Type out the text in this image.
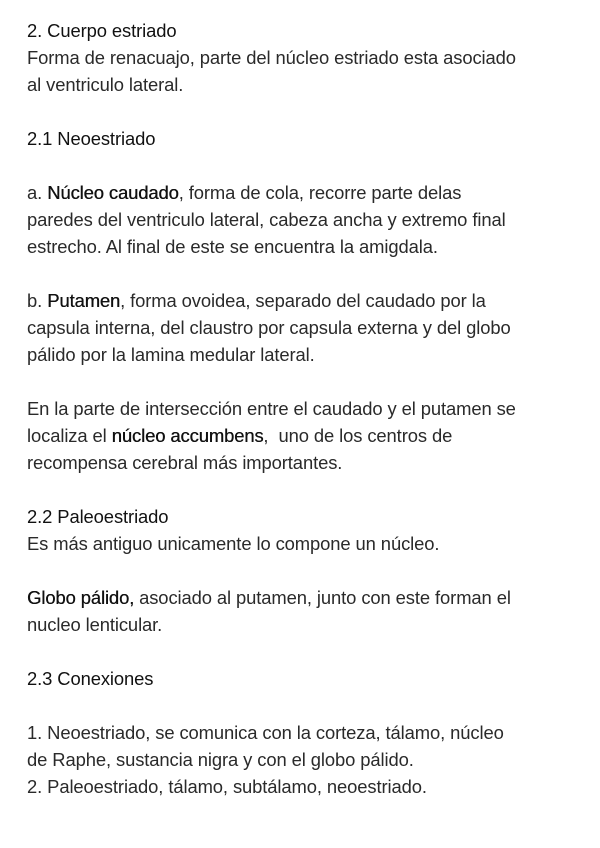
2. Cuerpo estriado
Forma de renacuajo, parte del núcleo estriado esta asociado
al ventriculo lateral.
2.1 Neoestriado
a. Núcleo caudado, forma de cola, recorre parte delas
paredes del ventriculo lateral, cabeza ancha y extremo final
estrecho. Al final de este se encuentra la amigdala.
b. Putamen, forma ovoidea, separado del caudado por la
capsula interna, del claustro por capsula externa y del globo
pálido por la lamina medular lateral.
En la parte de intersección entre el caudado y el putamen se
localiza el núcleo accumbens,  uno de los centros de
recompensa cerebral más importantes.
2.2 Paleoestriado
Es más antiguo unicamente lo compone un núcleo.
Globo pálido, asociado al putamen, junto con este forman el
nucleo lenticular.
2.3 Conexiones
1. Neoestriado, se comunica con la corteza, tálamo, núcleo
de Raphe, sustancia nigra y con el globo pálido.
2. Paleoestriado, tálamo, subtálamo, neoestriado.
